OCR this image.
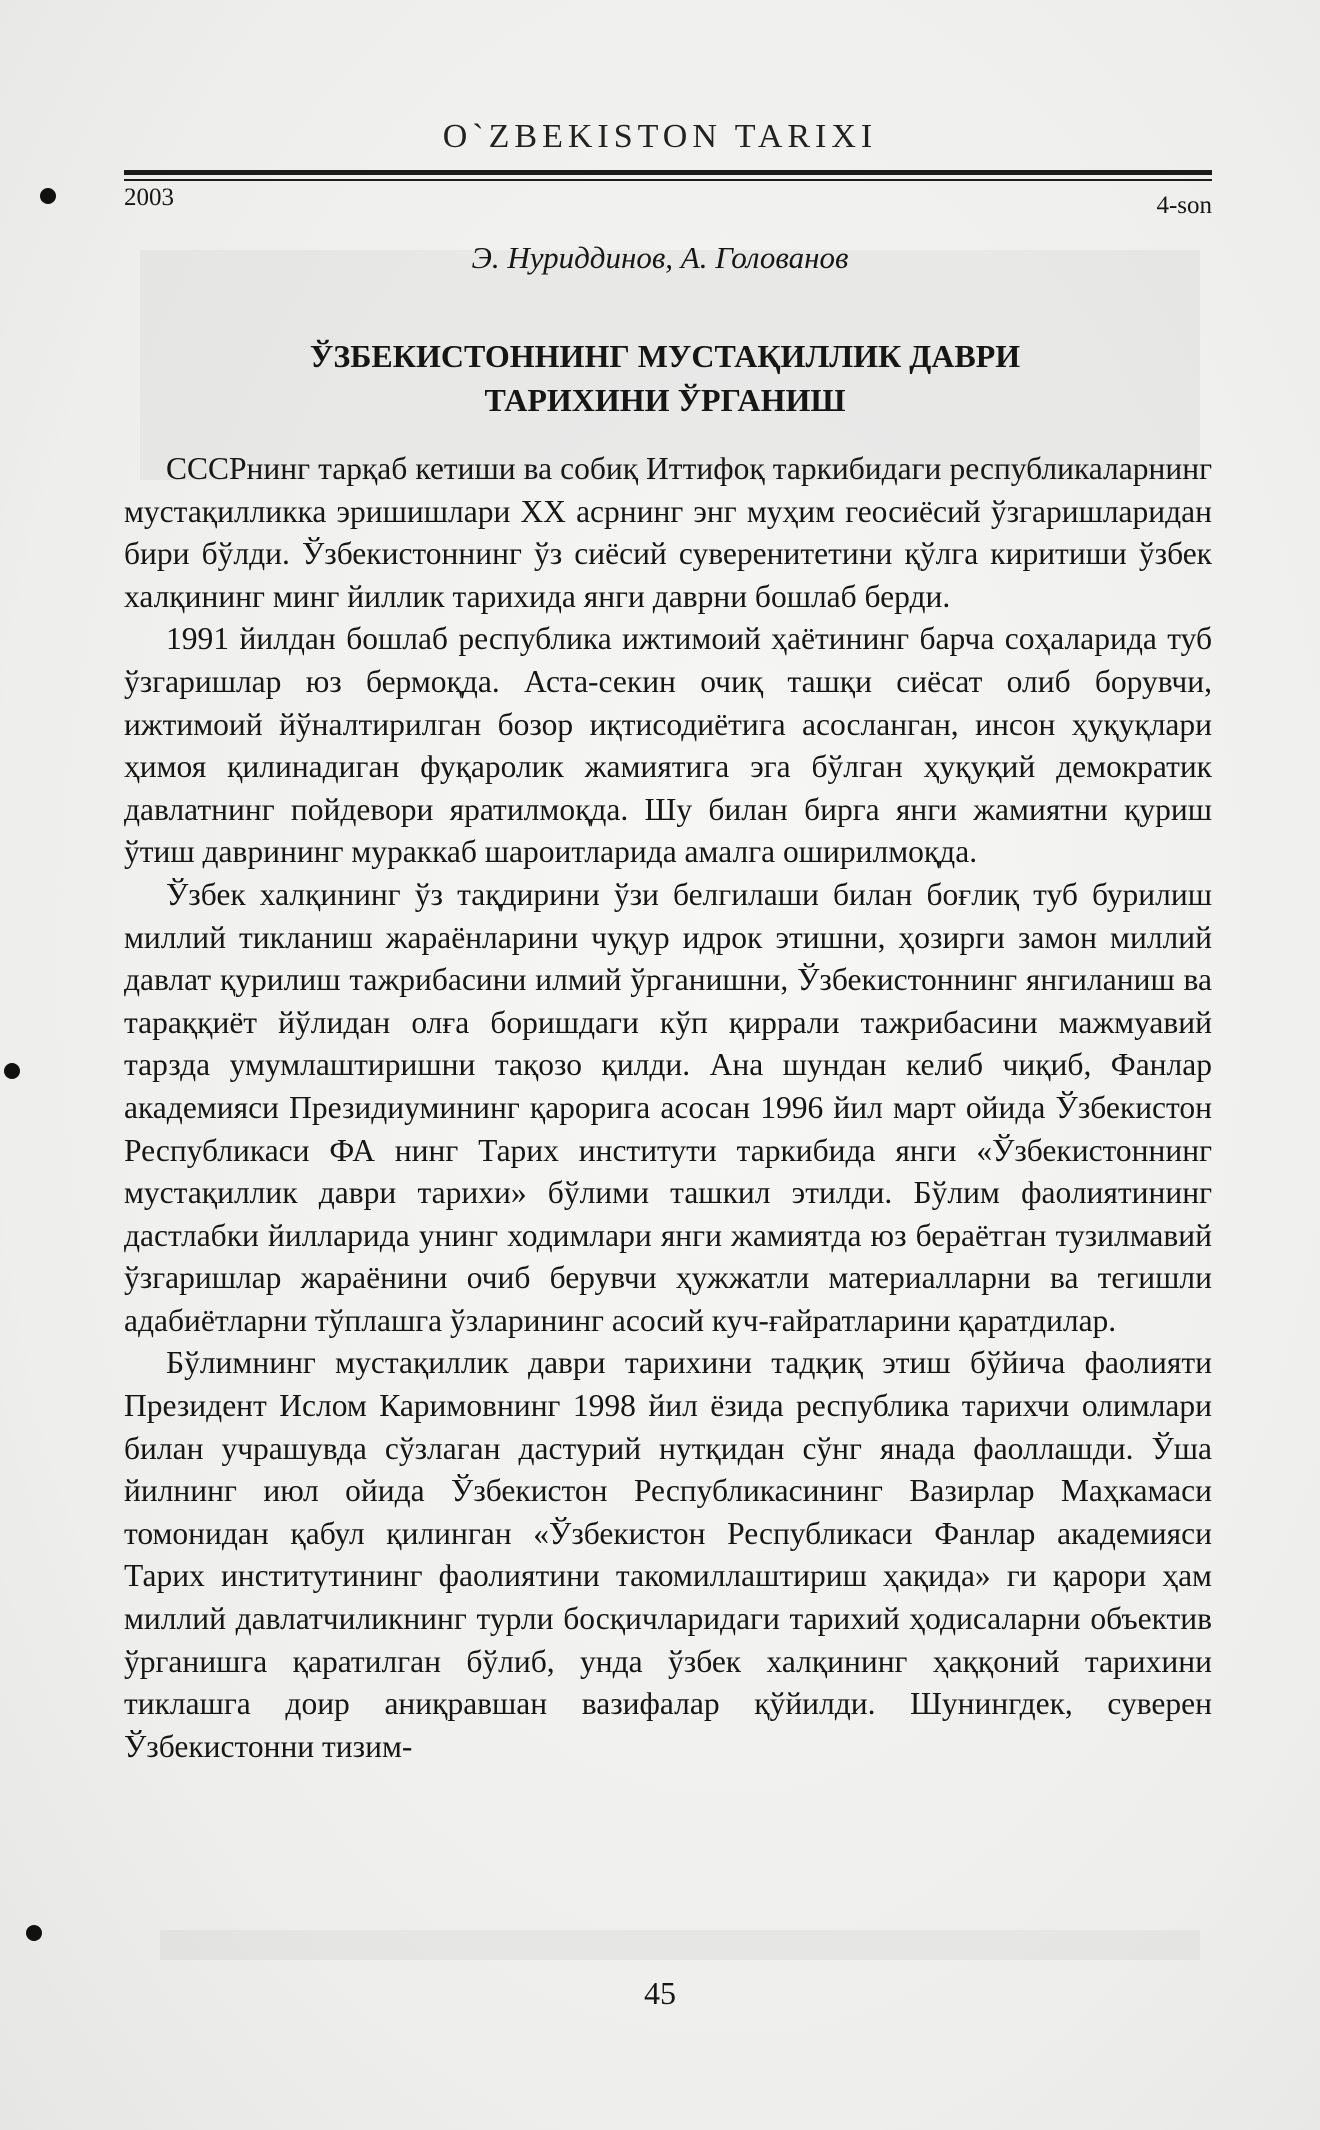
O`ZBEKISTON TARIXI
2003	4-son
Э. Нуриддинов, А. Голованов
ЎЗБЕКИСТОННИНГ МУСТАҚИЛЛИК ДАВРИ
ТАРИХИНИ ЎРГАНИШ

СССРнинг тарқаб кетиши ва собиқ Иттифоқ таркибидаги республикаларнинг мустақилликка эришишлари XX асрнинг энг муҳим геосиёсий ўзгаришларидан бири бўлди. Ўзбекистоннинг ўз сиёсий суверенитетини қўлга киритиши ўзбек халқининг минг йиллик тарихида янги даврни бошлаб берди.

1991 йилдан бошлаб республика ижтимоий ҳаётининг барча соҳаларида туб ўзгаришлар юз бермоқда. Аста-секин очиқ ташқи сиёсат олиб борувчи, ижтимоий йўналтирилган бозор иқтисодиётига асосланган, инсон ҳуқуқлари ҳимоя қилинадиган фуқаролик жамиятига эга бўлган ҳуқуқий демократик давлатнинг пойдевори яратилмоқда. Шу билан бирга янги жамиятни қуриш ўтиш даврининг мураккаб шароитларида амалга оширилмоқда.

Ўзбек халқининг ўз тақдирини ўзи белгилаши билан боғлиқ туб бурилиш миллий тикланиш жараёнларини чуқур идрок этишни, ҳозирги замон миллий давлат қурилиш тажрибасини илмий ўрганишни, Ўзбекистоннинг янгиланиш ва тараққиёт йўлидан олға боришдаги кўп қиррали тажрибасини мажмуавий тарзда умумлаштиришни тақозо қилди. Ана шундан келиб чиқиб, Фанлар академияси Президиумининг қарорига асосан 1996 йил март ойида Ўзбекистон Республикаси ФА нинг Тарих институти таркибида янги «Ўзбекистоннинг мустақиллик даври тарихи» бўлими ташкил этилди. Бўлим фаолиятининг дастлабки йилларида унинг ходимлари янги жамиятда юз бераётган тузилмавий ўзгаришлар жараёнини очиб берувчи ҳужжатли материалларни ва тегишли адабиётларни тўплашга ўзларининг асосий куч-ғайратларини қаратдилар.

Бўлимнинг мустақиллик даври тарихини тадқиқ этиш бўйича фаолияти Президент Ислом Каримовнинг 1998 йил ёзида республика тарихчи олимлари билан учрашувда сўзлаган дастурий нутқидан сўнг янада фаоллашди. Ўша йилнинг июл ойида Ўзбекистон Республикасининг Вазирлар Маҳкамаси томонидан қабул қилинган «Ўзбекистон Республикаси Фанлар академияси Тарих институтининг фаолиятини такомиллаштириш ҳақида» ги қарори ҳам миллий давлатчиликнинг турли босқичларидаги тарихий ҳодисаларни объектив ўрганишга қаратилган бўлиб, унда ўзбек халқининг ҳаққоний тарихини тиклашга доир аниқравшан вазифалар қўйилди. Шунингдек, суверен Ўзбекистонни тизим-

45
